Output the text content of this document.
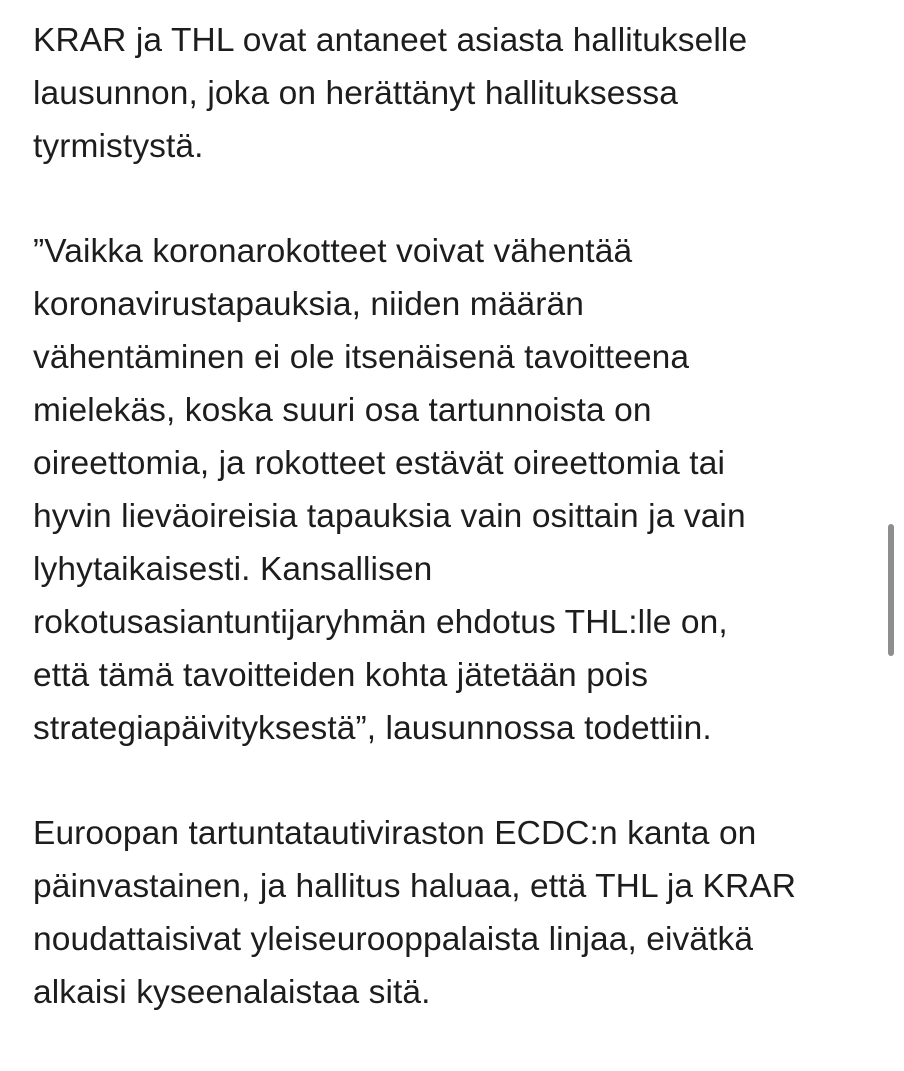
KRAR ja THL ovat antaneet asiasta hallitukselle
lausunnon, joka on herättänyt hallituksessa
tyrmistystä.

”Vaikka koronarokotteet voivat vähentää
koronavirustapauksia, niiden määrän
vähentäminen ei ole itsenäisenä tavoitteena
mielekäs, koska suuri osa tartunnoista on
oireettomia, ja rokotteet estävät oireettomia tai
hyvin lieväoireisia tapauksia vain osittain ja vain
lyhytaikaisesti. Kansallisen
rokotusasiantuntijaryhmän ehdotus THL:lle on,
että tämä tavoitteiden kohta jätetään pois
strategiapäivityksestä”, lausunnossa todettiin.

Euroopan tartuntatautiviraston ECDC:n kanta on
päinvastainen, ja hallitus haluaa, että THL ja KRAR
noudattaisivat yleiseurooppalaista linjaa, eivätkä
alkaisi kyseenalaistaa sitä.
